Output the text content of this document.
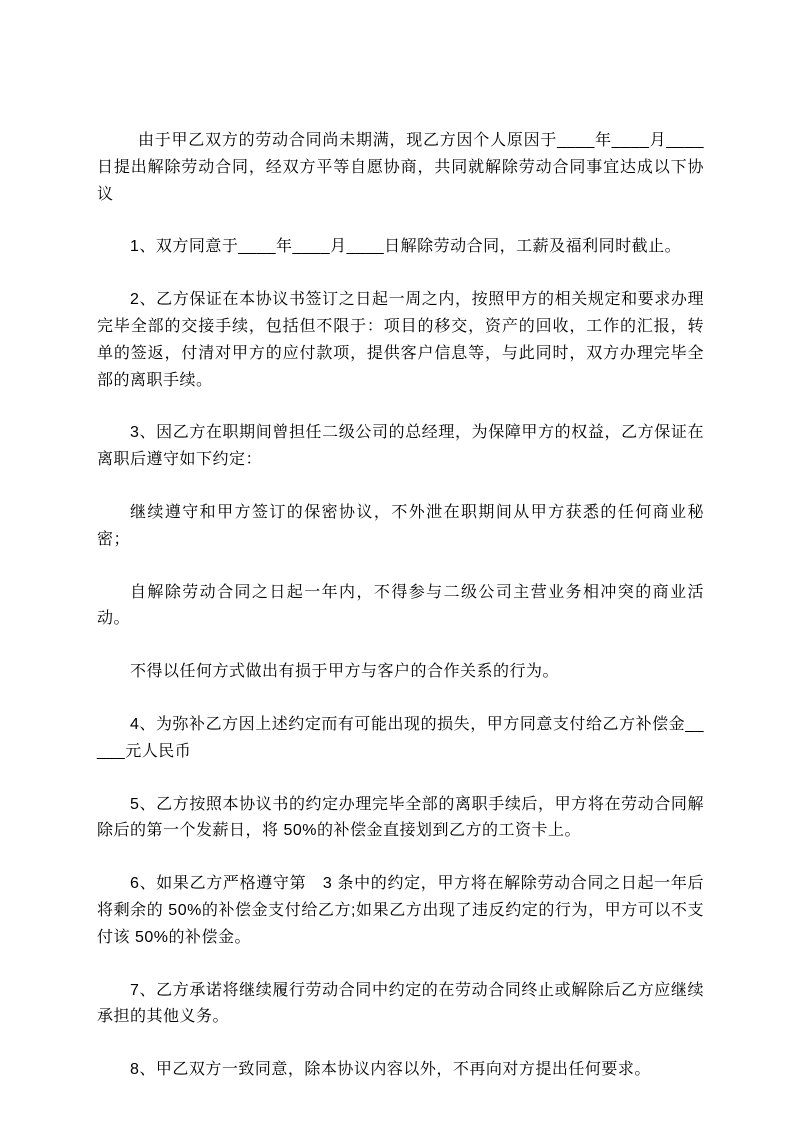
由于甲乙双方的劳动合同尚未期满，现乙方因个人原因于____年____月____日提出解除劳动合同，经双方平等自愿协商，共同就解除劳动合同事宜达成以下协议

1、双方同意于____年____月____日解除劳动合同，工薪及福利同时截止。

2、乙方保证在本协议书签订之日起一周之内，按照甲方的相关规定和要求办理完毕全部的交接手续，包括但不限于：项目的移交，资产的回收，工作的汇报，转单的签返，付清对甲方的应付款项，提供客户信息等，与此同时，双方办理完毕全部的离职手续。

3、因乙方在职期间曾担任二级公司的总经理，为保障甲方的权益，乙方保证在离职后遵守如下约定：

继续遵守和甲方签订的保密协议，不外泄在职期间从甲方获悉的任何商业秘密；

自解除劳动合同之日起一年内，不得参与二级公司主营业务相冲突的商业活动。

不得以任何方式做出有损于甲方与客户的合作关系的行为。

4、为弥补乙方因上述约定而有可能出现的损失，甲方同意支付给乙方补偿金_____元人民币

5、乙方按照本协议书的约定办理完毕全部的离职手续后，甲方将在劳动合同解除后的第一个发薪日，将 50%的补偿金直接划到乙方的工资卡上。

6、如果乙方严格遵守第　3 条中的约定，甲方将在解除劳动合同之日起一年后将剩余的 50%的补偿金支付给乙方;如果乙方出现了违反约定的行为，甲方可以不支付该 50%的补偿金。

7、乙方承诺将继续履行劳动合同中约定的在劳动合同终止或解除后乙方应继续承担的其他义务。

8、甲乙双方一致同意，除本协议内容以外，不再向对方提出任何要求。
